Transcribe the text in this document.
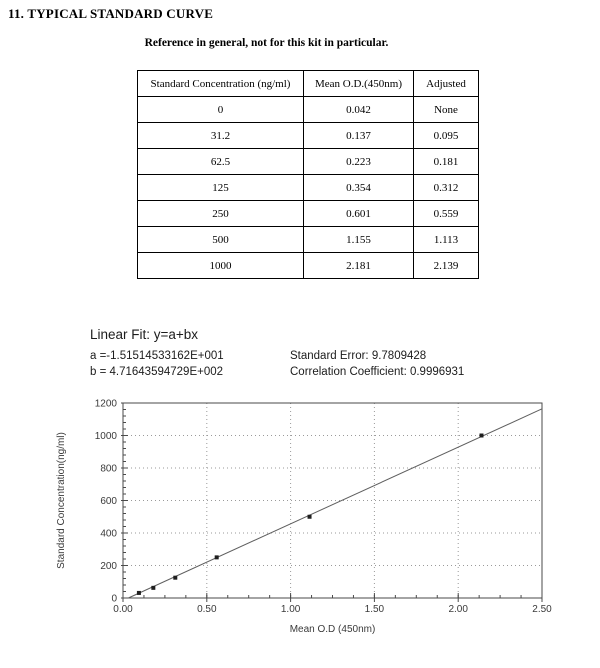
11. TYPICAL STANDARD CURVE
Reference in general, not for this kit in particular.
Standard Concentration (ng/ml)	Mean O.D.(450nm)	Adjusted
0	0.042	None
31.2	0.137	0.095
62.5	0.223	0.181
125	0.354	0.312
250	0.601	0.559
500	1.155	1.113
1000	2.181	2.139
Linear Fit: y=a+bx
a =-1.51514533162E+001	Standard Error: 9.7809428
b = 4.71643594729E+002	Correlation Coefficient: 0.9996931
0.00	0.50	1.00	1.50	2.00	2.50
0
200
400
600
800
1000
1200
Mean O.D (450nm)
Standard Concentration(ng/ml)
